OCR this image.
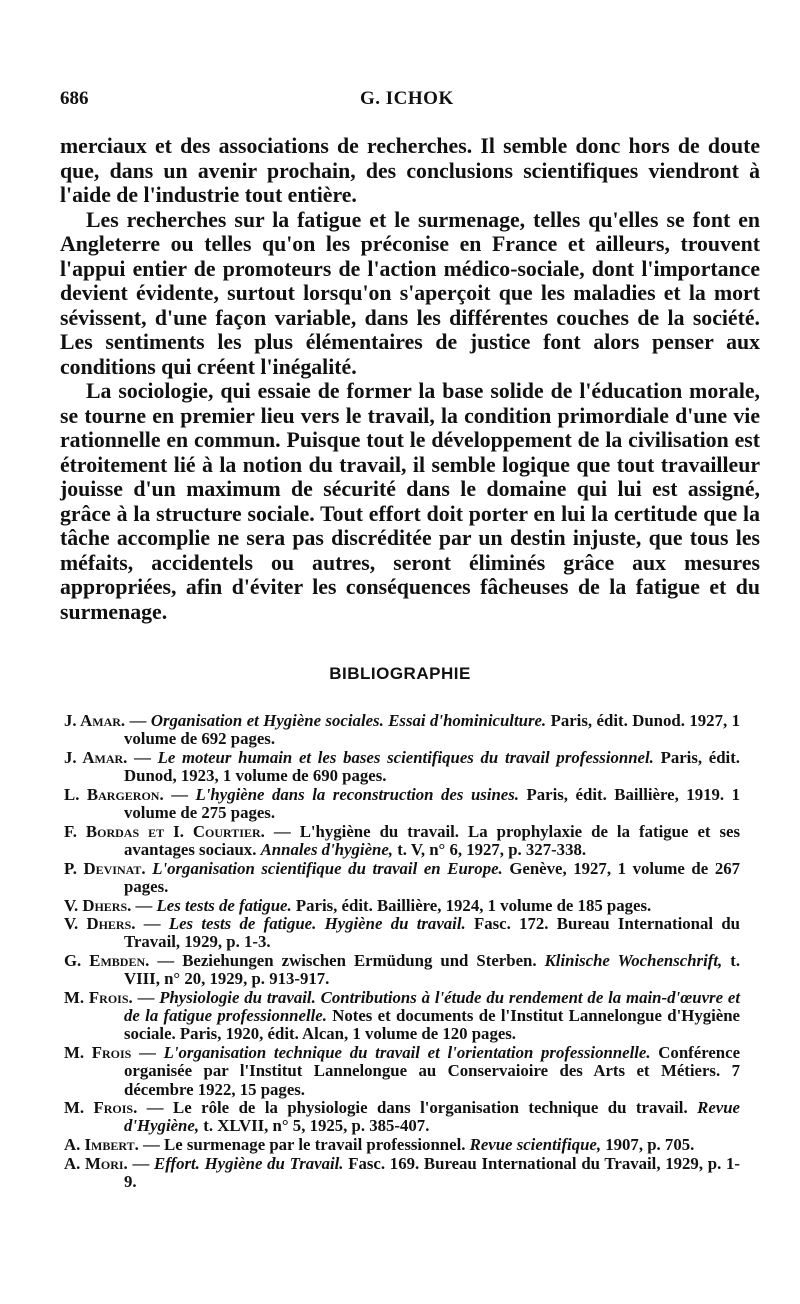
686	G. ICHOK

merciaux et des associations de recherches. Il semble donc hors de doute que, dans un avenir prochain, des conclusions scientifiques viendront à l'aide de l'industrie tout entière.

Les recherches sur la fatigue et le surmenage, telles qu'elles se font en Angleterre ou telles qu'on les préconise en France et ailleurs, trouvent l'appui entier de promoteurs de l'action médico-sociale, dont l'importance devient évidente, surtout lorsqu'on s'aperçoit que les maladies et la mort sévissent, d'une façon variable, dans les différentes couches de la société. Les sentiments les plus élémentaires de justice font alors penser aux conditions qui créent l'inégalité.

La sociologie, qui essaie de former la base solide de l'éducation morale, se tourne en premier lieu vers le travail, la condition primordiale d'une vie rationnelle en commun. Puisque tout le développement de la civilisation est étroitement lié à la notion du travail, il semble logique que tout travailleur jouisse d'un maximum de sécurité dans le domaine qui lui est assigné, grâce à la structure sociale. Tout effort doit porter en lui la certitude que la tâche accomplie ne sera pas discréditée par un destin injuste, que tous les méfaits, accidentels ou autres, seront éliminés grâce aux mesures appropriées, afin d'éviter les conséquences fâcheuses de la fatigue et du surmenage.

BIBLIOGRAPHIE
J. Amar. — Organisation et Hygiène sociales. Essai d'hominiculture. Paris, édit. Dunod. 1927, 1 volume de 692 pages.
J. Amar. — Le moteur humain et les bases scientifiques du travail professionnel. Paris, édit. Dunod, 1923, 1 volume de 690 pages.
L. Bargeron. — L'hygiène dans la reconstruction des usines. Paris, édit. Baillière, 1919. 1 volume de 275 pages.
F. Bordas et I. Courtier. — L'hygiène du travail. La prophylaxie de la fatigue et ses avantages sociaux. Annales d'hygiène, t. V, n° 6, 1927, p. 327-338.
P. Devinat. L'organisation scientifique du travail en Europe. Genève, 1927, 1 volume de 267 pages.
V. Dhers. — Les tests de fatigue. Paris, édit. Baillière, 1924, 1 volume de 185 pages.
V. Dhers. — Les tests de fatigue. Hygiène du travail. Fasc. 172. Bureau International du Travail, 1929, p. 1-3.
G. Embden. — Beziehungen zwischen Ermüdung und Sterben. Klinische Wochenschrift, t. VIII, n° 20, 1929, p. 913-917.
M. Frois. — Physiologie du travail. Contributions à l'étude du rendement de la main-d'œuvre et de la fatigue professionnelle. Notes et documents de l'Institut Lannelongue d'Hygiène sociale. Paris, 1920, édit. Alcan, 1 volume de 120 pages.
M. Frois — L'organisation technique du travail et l'orientation professionnelle. Conférence organisée par l'Institut Lannelongue au Conservaioire des Arts et Métiers. 7 décembre 1922, 15 pages.
M. Frois. — Le rôle de la physiologie dans l'organisation technique du travail. Revue d'Hygiène, t. XLVII, n° 5, 1925, p. 385-407.
A. Imbert. — Le surmenage par le travail professionnel. Revue scientifique, 1907, p. 705.
A. Mori. — Effort. Hygiène du Travail. Fasc. 169. Bureau International du Travail, 1929, p. 1-9.
